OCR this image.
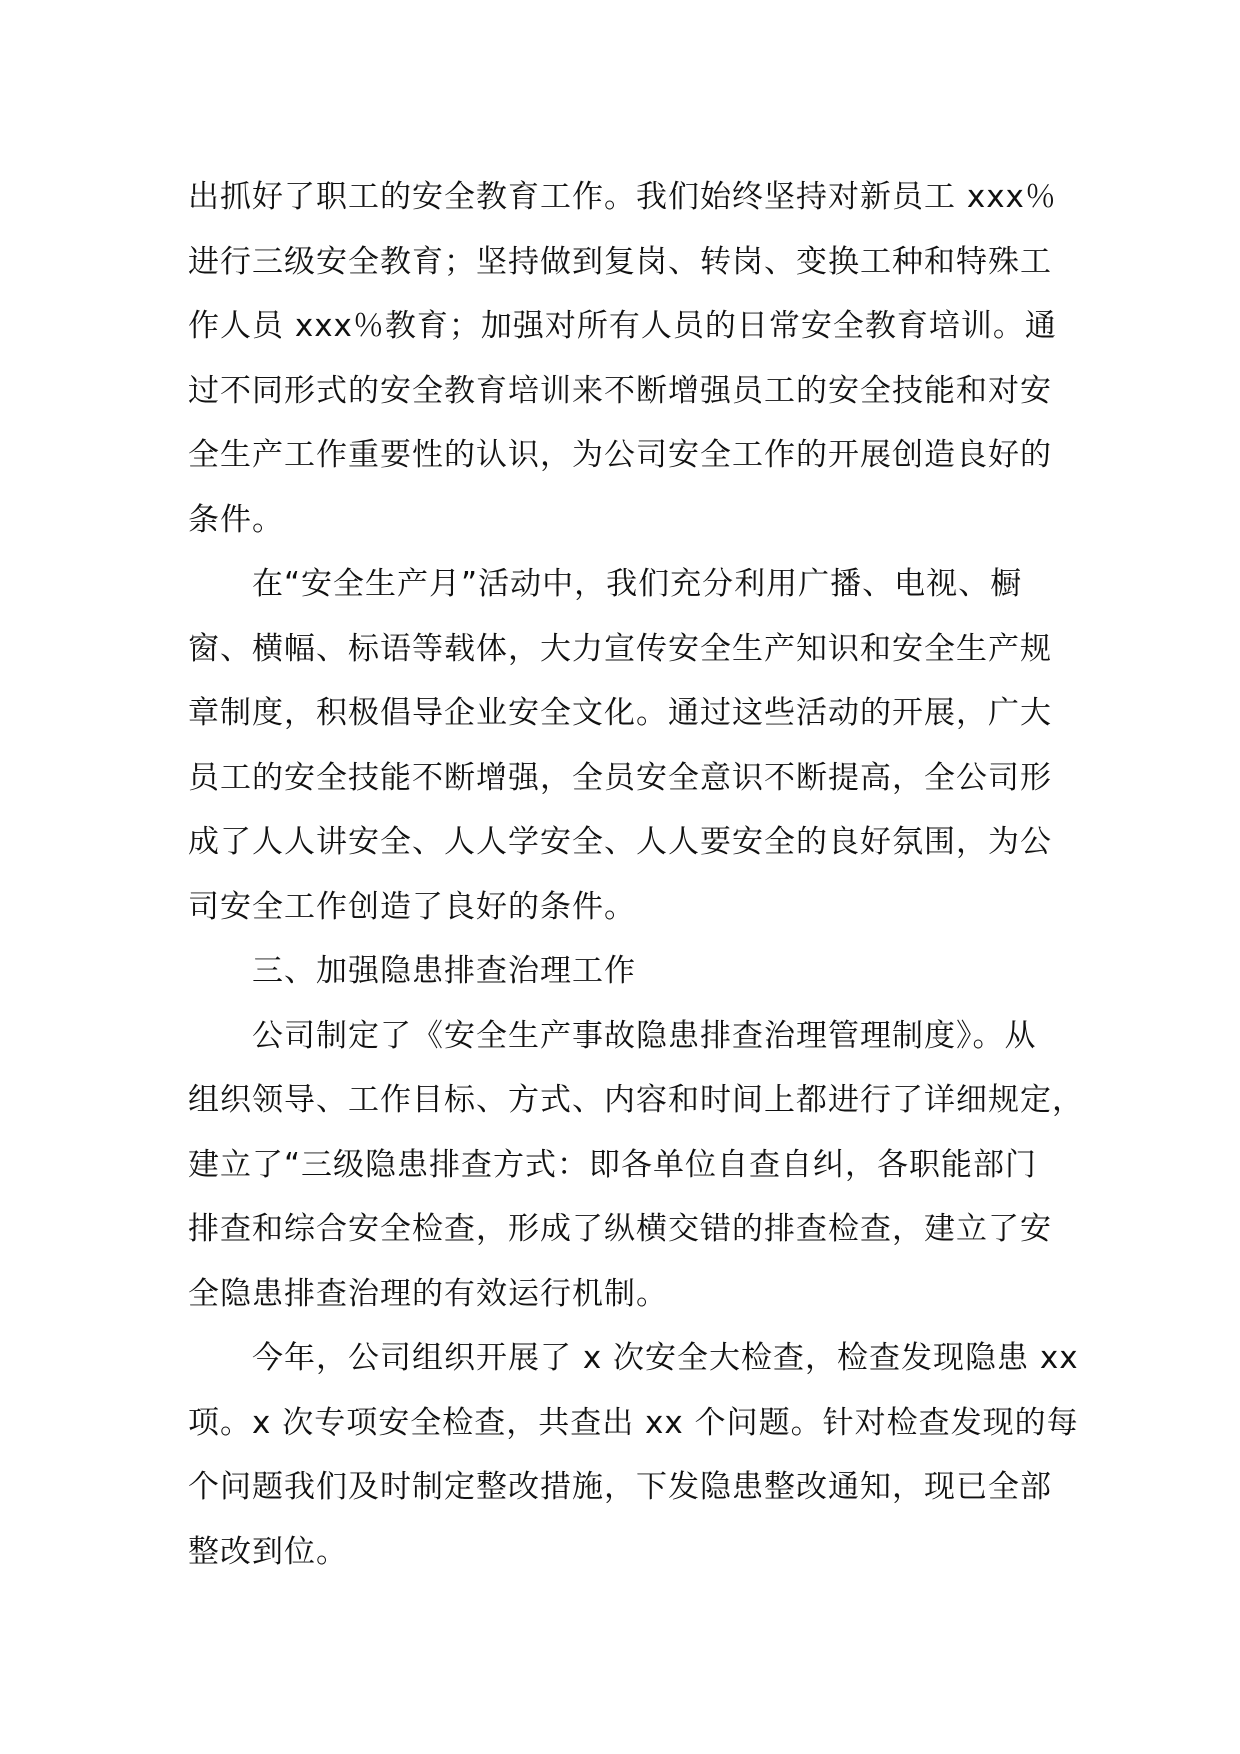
出抓好了职工的安全教育工作。我们始终坚持对新员工 xxx％
进行三级安全教育；坚持做到复岗、转岗、变换工种和特殊工
作人员 xxx％教育；加强对所有人员的日常安全教育培训。通
过不同形式的安全教育培训来不断增强员工的安全技能和对安
全生产工作重要性的认识，为公司安全工作的开展创造良好的
条件。
在“安全生产月”活动中，我们充分利用广播、电视、橱
窗、横幅、标语等载体，大力宣传安全生产知识和安全生产规
章制度，积极倡导企业安全文化。通过这些活动的开展，广大
员工的安全技能不断增强，全员安全意识不断提高，全公司形
成了人人讲安全、人人学安全、人人要安全的良好氛围，为公
司安全工作创造了良好的条件。
三、加强隐患排查治理工作
公司制定了《安全生产事故隐患排查治理管理制度》。从
组织领导、工作目标、方式、内容和时间上都进行了详细规定，
建立了“三级隐患排查方式：即各单位自查自纠，各职能部门
排查和综合安全检查，形成了纵横交错的排查检查，建立了安
全隐患排查治理的有效运行机制。
今年，公司组织开展了 x 次安全大检查，检查发现隐患 xx
项。x 次专项安全检查，共查出 xx 个问题。针对检查发现的每
个问题我们及时制定整改措施，下发隐患整改通知，现已全部
整改到位。
